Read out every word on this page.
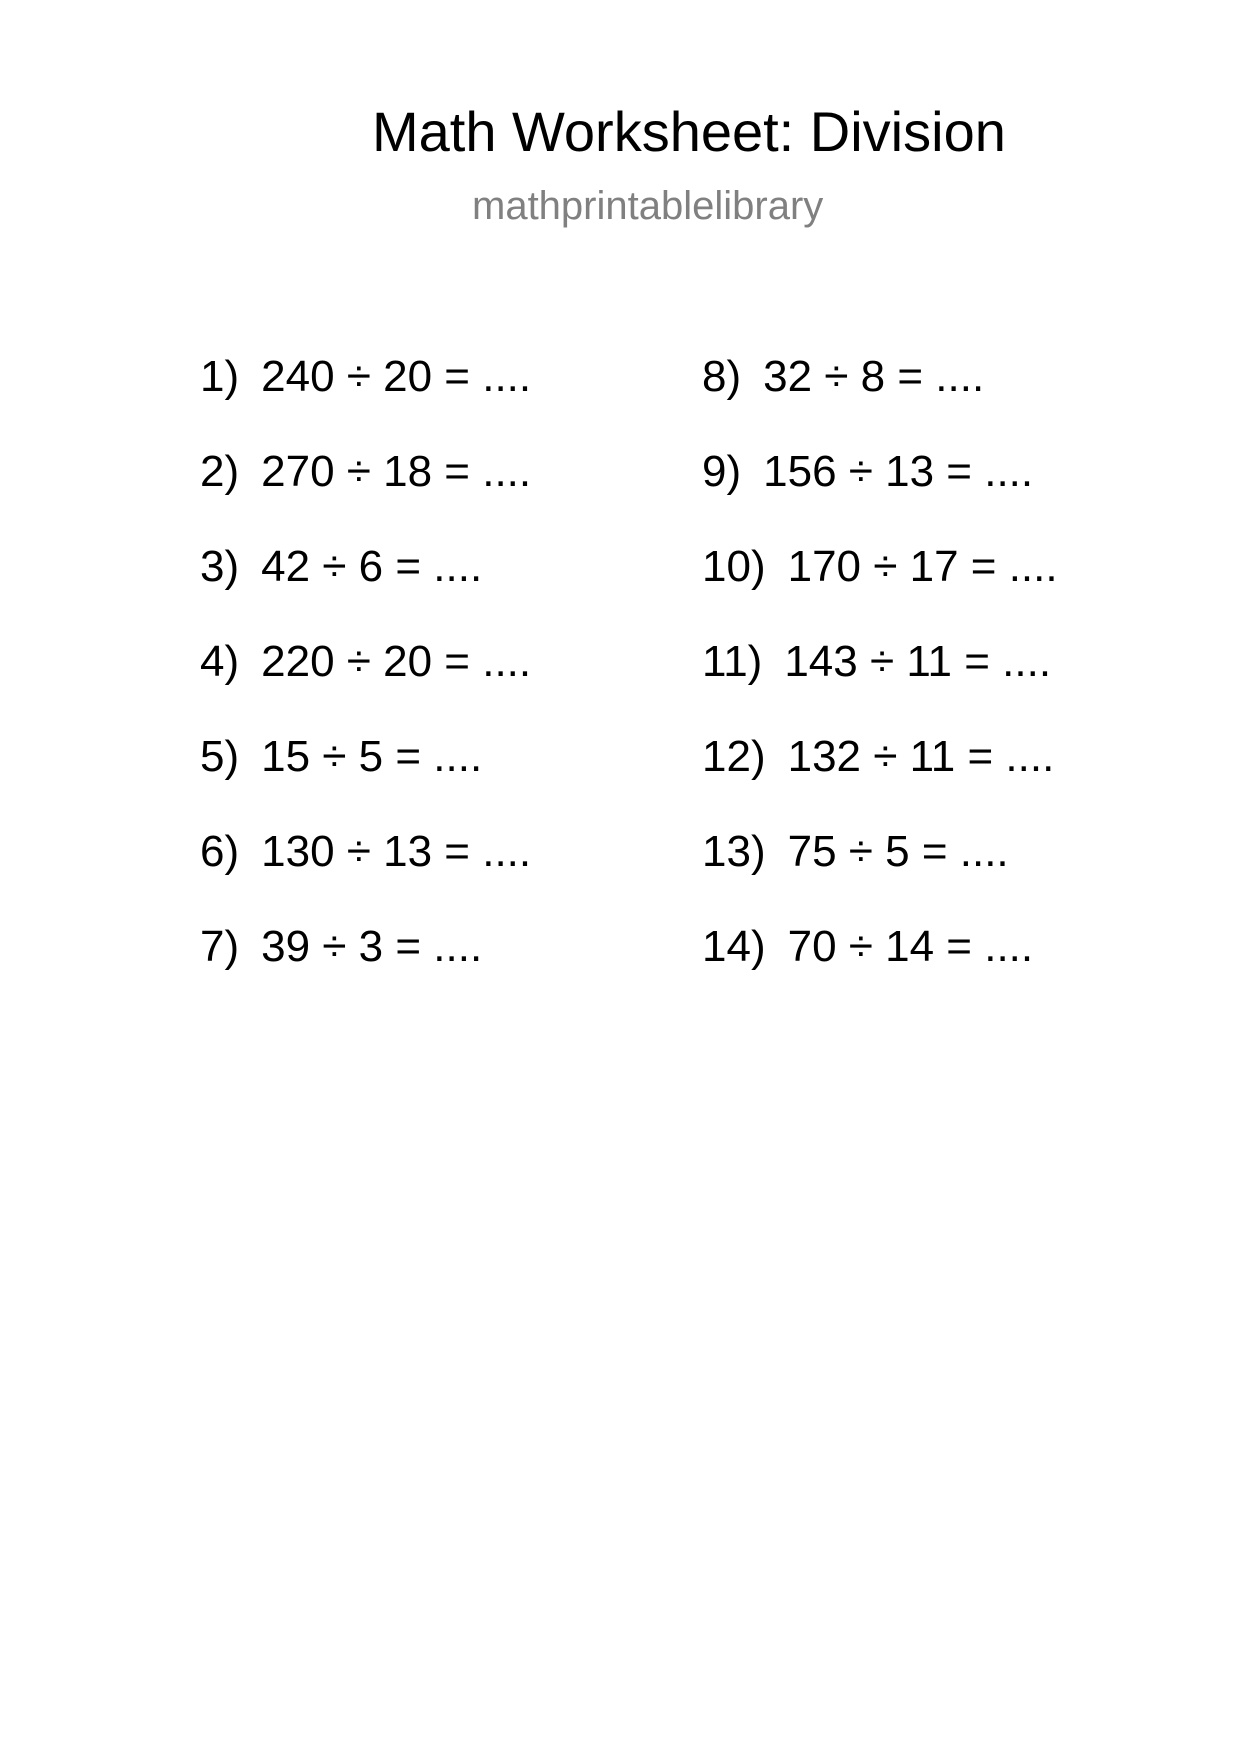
Math Worksheet: Division
mathprintablelibrary
1) 240 ÷ 20 = ....
2) 270 ÷ 18 = ....
3) 42 ÷ 6 = ....
4) 220 ÷ 20 = ....
5) 15 ÷ 5 = ....
6) 130 ÷ 13 = ....
7) 39 ÷ 3 = ....
8) 32 ÷ 8 = ....
9) 156 ÷ 13 = ....
10) 170 ÷ 17 = ....
11) 143 ÷ 11 = ....
12) 132 ÷ 11 = ....
13) 75 ÷ 5 = ....
14) 70 ÷ 14 = ....
